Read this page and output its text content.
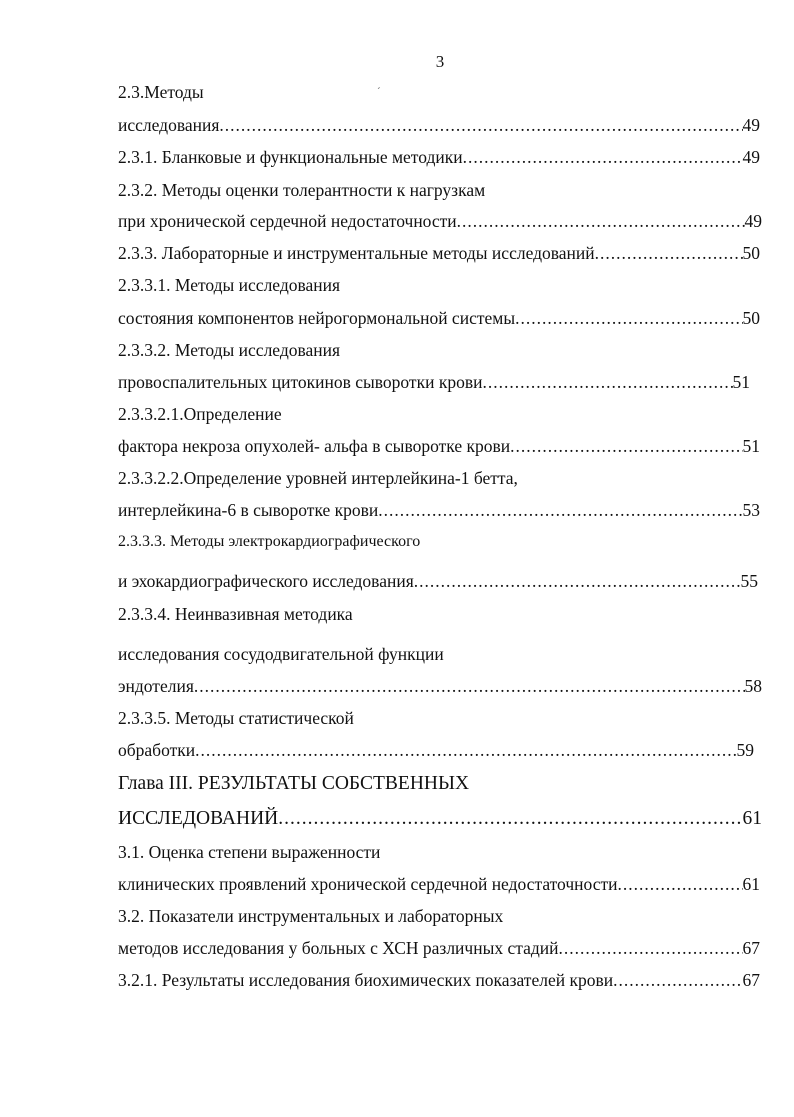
3
ˊ
2.3.Методы
исследования .....	49
2.3.1. Бланковые и функциональные методики .....	49
2.3.2. Методы оценки толерантности к нагрузкам
при хронической сердечной недостаточности .....	49
2.3.3. Лабораторные и инструментальные методы исследований .....	50
2.3.3.1. Методы исследования
состояния компонентов нейрогормональной системы .....	50
2.3.3.2. Методы исследования
провоспалительных цитокинов сыворотки крови .....	51
2.3.3.2.1.Определение
фактора некроза опухолей- альфа в сыворотке крови .....	51
2.3.3.2.2.Определение уровней интерлейкина-1 бетта,
интерлейкина-6 в сыворотке крови .....	53
2.3.3.3. Методы электрокардиографического
и эхокардиографического исследования .....	55
2.3.3.4. Неинвазивная методика
исследования сосудодвигательной функции
эндотелия .....	58
2.3.3.5. Методы статистической
обработки .....	59
Глава III. РЕЗУЛЬТАТЫ СОБСТВЕННЫХ
ИССЛЕДОВАНИЙ .....	61
3.1. Оценка степени выраженности
клинических проявлений хронической сердечной недостаточности .....	61
3.2. Показатели инструментальных и лабораторных
методов исследования у больных с ХСН различных стадий .....	67
3.2.1. Результаты исследования биохимических показателей крови .....	67
